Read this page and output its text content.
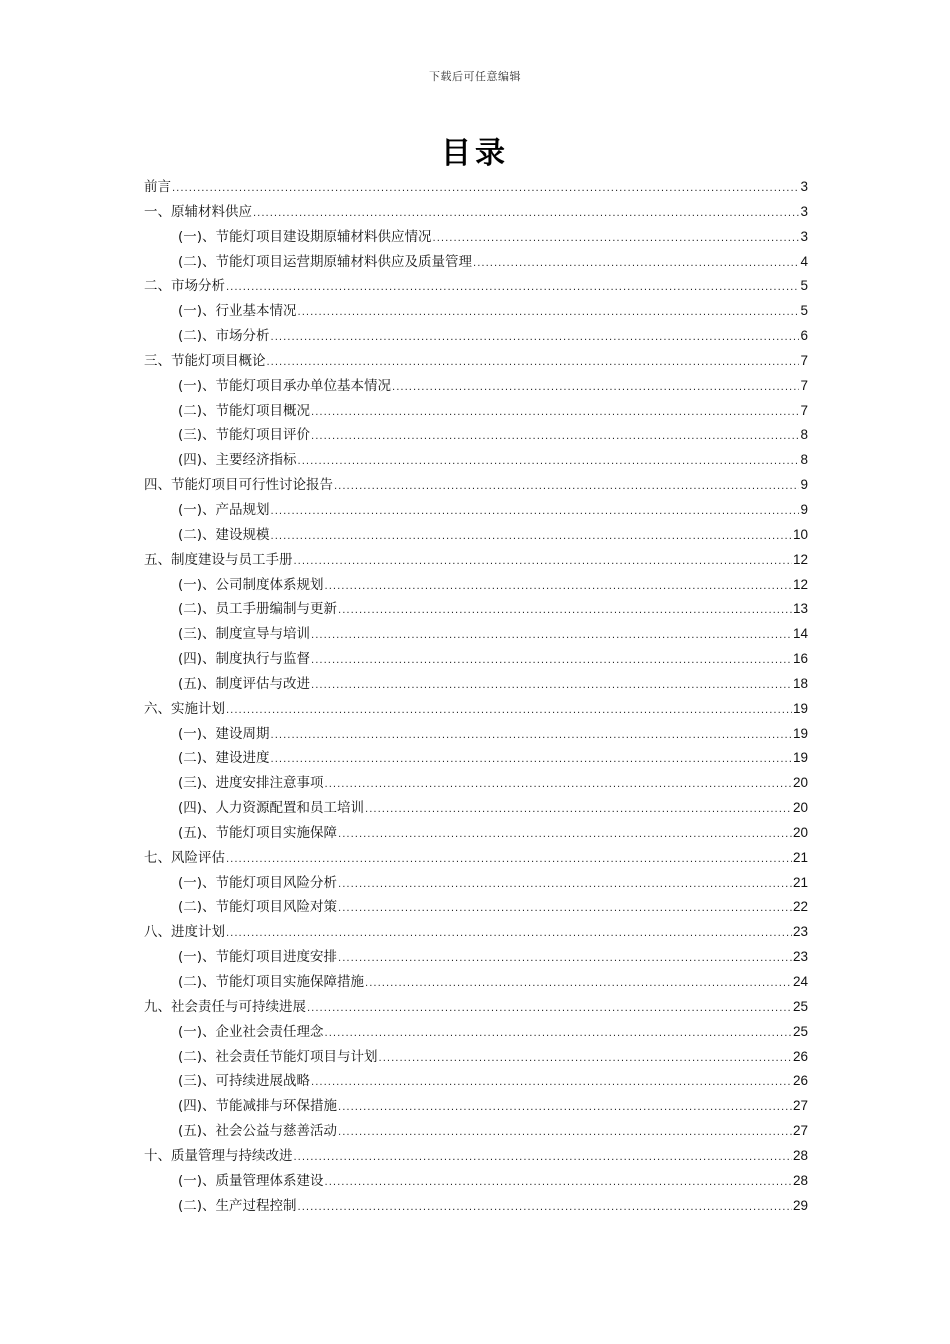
下载后可任意编辑
目录
前言 .....	3
一、原辅材料供应 .....	3
(一)、节能灯项目建设期原辅材料供应情况 .....	3
(二)、节能灯项目运营期原辅材料供应及质量管理 .....	4
二、市场分析 .....	5
(一)、行业基本情况 .....	5
(二)、市场分析 .....	6
三、节能灯项目概论 .....	7
(一)、节能灯项目承办单位基本情况 .....	7
(二)、节能灯项目概况 .....	7
(三)、节能灯项目评价 .....	8
(四)、主要经济指标 .....	8
四、节能灯项目可行性讨论报告 .....	9
(一)、产品规划 .....	9
(二)、建设规模 .....	10
五、制度建设与员工手册 .....	12
(一)、公司制度体系规划 .....	12
(二)、员工手册编制与更新 .....	13
(三)、制度宣导与培训 .....	14
(四)、制度执行与监督 .....	16
(五)、制度评估与改进 .....	18
六、实施计划 .....	19
(一)、建设周期 .....	19
(二)、建设进度 .....	19
(三)、进度安排注意事项 .....	20
(四)、人力资源配置和员工培训 .....	20
(五)、节能灯项目实施保障 .....	20
七、风险评估 .....	21
(一)、节能灯项目风险分析 .....	21
(二)、节能灯项目风险对策 .....	22
八、进度计划 .....	23
(一)、节能灯项目进度安排 .....	23
(二)、节能灯项目实施保障措施 .....	24
九、社会责任与可持续进展 .....	25
(一)、企业社会责任理念 .....	25
(二)、社会责任节能灯项目与计划 .....	26
(三)、可持续进展战略 .....	26
(四)、节能减排与环保措施 .....	27
(五)、社会公益与慈善活动 .....	27
十、质量管理与持续改进 .....	28
(一)、质量管理体系建设 .....	28
(二)、生产过程控制 .....	29
